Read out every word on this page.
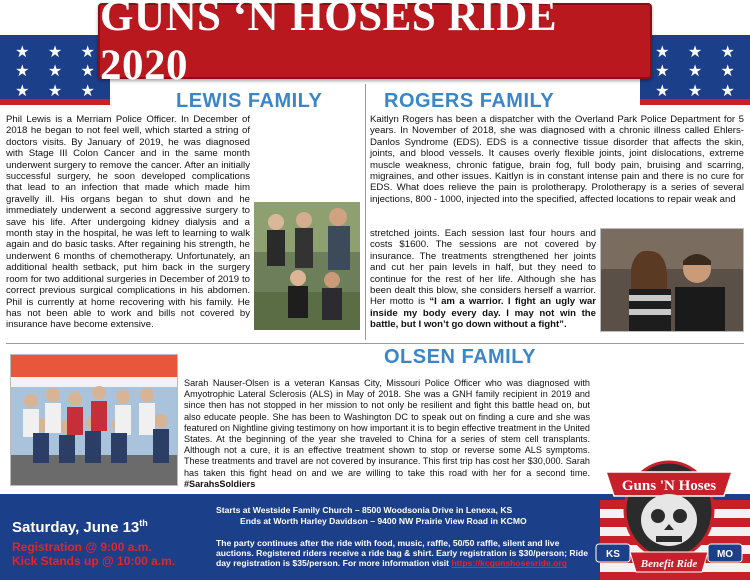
★	★	★
★	★	★
★	★	★
★	★	★
★	★	★
★	★	★
GUNS ‘N HOSES RIDE 2020
LEWIS FAMILY
Phil Lewis is a Merriam Police Officer. In December of 2018 he began to not feel well, which started a string of doctors visits. By January of 2019, he was diagnosed with Stage III Colon Cancer and in the same month underwent surgery to remove the cancer. After an initially successful surgery, he soon developed complications that lead to an infection that made which made him gravelly ill. His organs began to shut down and he immediately underwent a second aggressive surgery to save his life. After undergoing kidney dialysis and a month stay in the hospital, he was left to learning to walk again and do basic tasks. After regaining his strength, he underwent 6 months of chemotherapy. Unfortunately, an additional health setback, put him back in the surgery room for two additional surgeries in December of 2019 to correct previous surgical complications in his abdomen. Phil is currently at home recovering with his family. He has not been able to work and bills not covered by insurance have become extensive.
ROGERS FAMILY
Kaitlyn Rogers has been a dispatcher with the Overland Park Police Department for 5 years. In November of 2018, she was diagnosed with a chronic illness called Ehlers-Danlos Syndrome (EDS). EDS is a connective tissue disorder that affects the skin, joints, and blood vessels. It causes overly flexible joints, joint dislocations, extreme muscle weakness, chronic fatigue, brain fog, full body pain, bruising and scarring, migraines, and other issues. Kaitlyn is in constant intense pain and there is no cure for EDS. What does relieve the pain is prolotherapy. Prolotherapy is a series of several injections, 800 - 1000, injected into the specified, affected locations to repair weak and
stretched joints. Each session last four hours and costs $1600. The sessions are not covered by insurance. The treatments strengthened her joints and cut her pain levels in half, but they need to continue for the rest of her life. Although she has been dealt this blow, she considers herself a warrior. Her motto is “I am a warrior. I fight an ugly war inside my body every day. I may not win the battle, but I won’t go down without a fight”.
OLSEN FAMILY
Sarah Nauser-Olsen is a veteran Kansas City, Missouri Police Officer who was diagnosed with Amyotrophic Lateral Sclerosis (ALS) in May of 2018. She was a GNH family recipient in 2019 and since then has not stopped in her mission to not only be resilient and fight this battle head on, but also educate people. She has been to Washington DC to speak out on finding a cure and she was featured on Nightline giving testimony on how important it is to begin effective treatment in the United States. At the beginning of the year she traveled to China for a series of stem cell transplants. Although not a cure, it is an effective treatment shown to stop or reverse some ALS symptoms. These treatments and travel are not covered by insurance. This first trip has cost her $30,000. Sarah has taken this fight head on and we are willing to take this road with her for a second time. #SarahsSoldiers	Guns 'N Hoses
KS	MO
Benefit Ride
Saturday, June 13th
Registration @ 9:00 a.m.
Kick Stands up @ 10:00 a.m.
Starts at Westside Family Church – 8500 Woodsonia Drive in Lenexa, KS
Ends at Worth Harley Davidson – 9400 NW Prairie View Road in KCMO
The party continues after the ride with food, music, raffle, 50/50 raffle, silent and live auctions. Registered riders receive a ride bag & shirt. Early registration is $30/person; Ride day registration is $35/person. For more information visit https://kcgunshosesride.org
